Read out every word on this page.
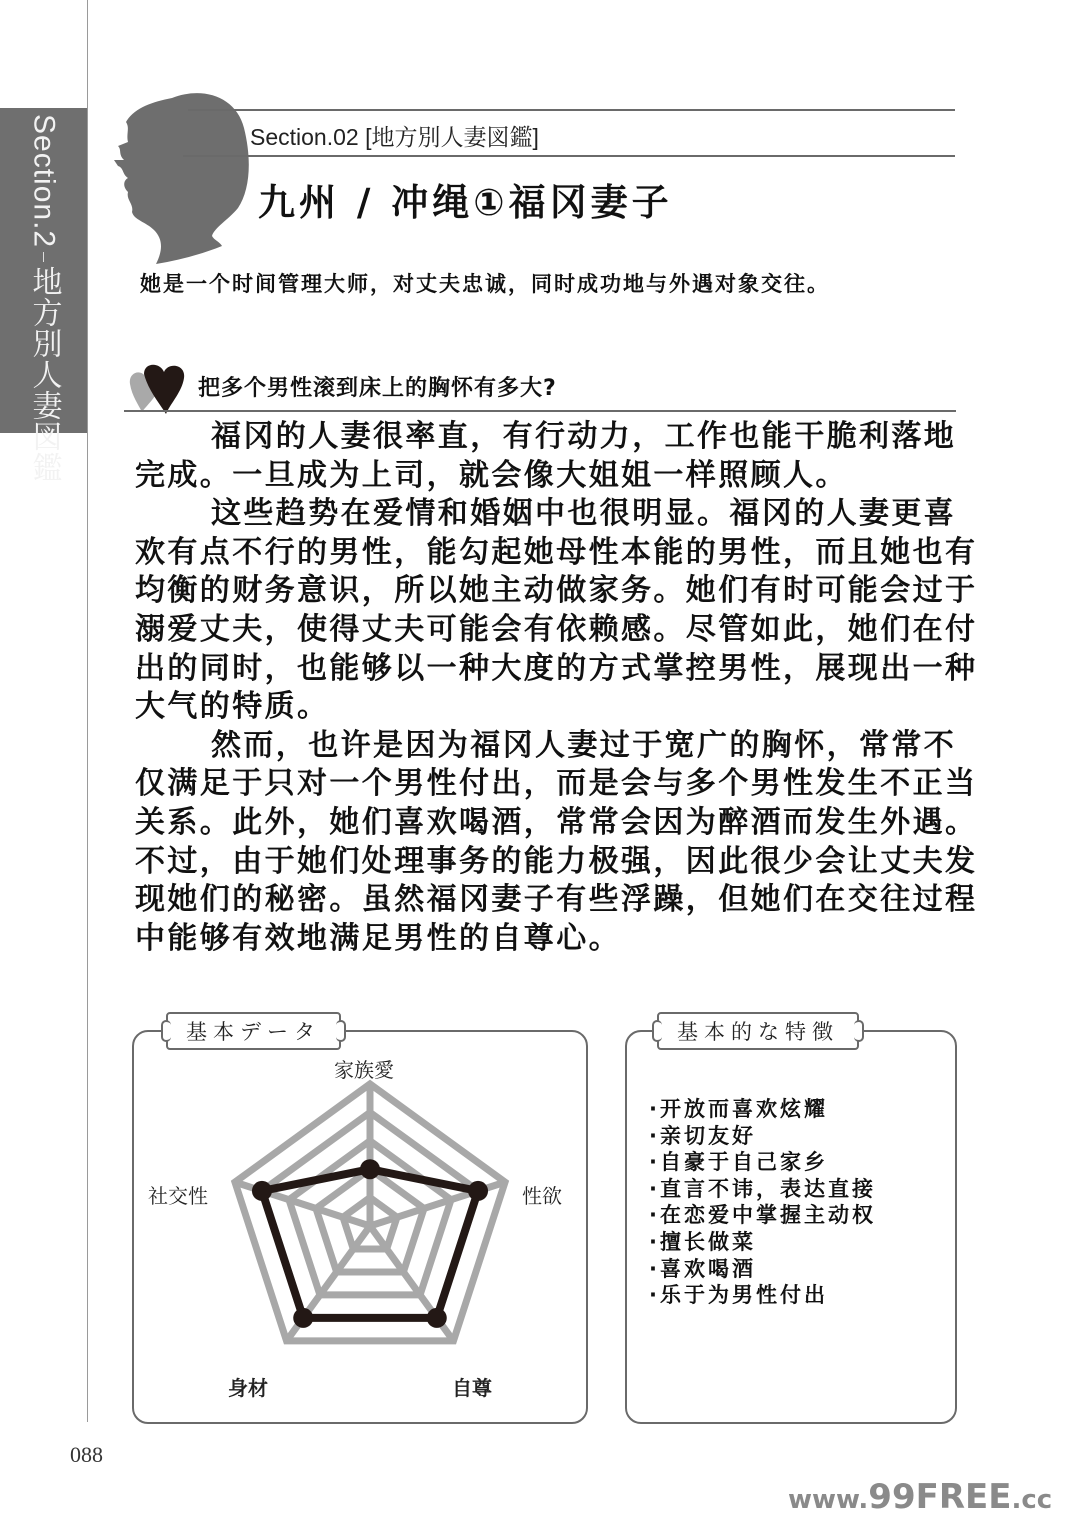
Section.2地方別人妻図鑑
Section.02 [地方別人妻図鑑]
九州 / 冲绳①福冈妻子
她是一个时间管理大师，对丈夫忠诚，同时成功地与外遇对象交往。
把多个男性滚到床上的胸怀有多大?

福冈的人妻很率直，有行动力，工作也能干脆利落地完成。一旦成为上司，就会像大姐姐一样照顾人。

这些趋势在爱情和婚姻中也很明显。福冈的人妻更喜欢有点不行的男性，能勾起她母性本能的男性，而且她也有均衡的财务意识，所以她主动做家务。她们有时可能会过于溺爱丈夫，使得丈夫可能会有依赖感。尽管如此，她们在付出的同时，也能够以一种大度的方式掌控男性，展现出一种大气的特质。

然而，也许是因为福冈人妻过于宽广的胸怀，常常不仅满足于只对一个男性付出，而是会与多个男性发生不正当关系。此外，她们喜欢喝酒，常常会因为醉酒而发生外遇。不过，由于她们处理事务的能力极强，因此很少会让丈夫发现她们的秘密。虽然福冈妻子有些浮躁，但她们在交往过程中能够有效地满足男性的自尊心。

基本データ
家族愛
性欲
自尊
身材
社交性
基本的な特徴
·开放而喜欢炫耀
·亲切友好
·自豪于自己家乡
·直言不讳，表达直接
·在恋爱中掌握主动权
·擅长做菜
·喜欢喝酒
·乐于为男性付出
088
www.99FREE.cc
